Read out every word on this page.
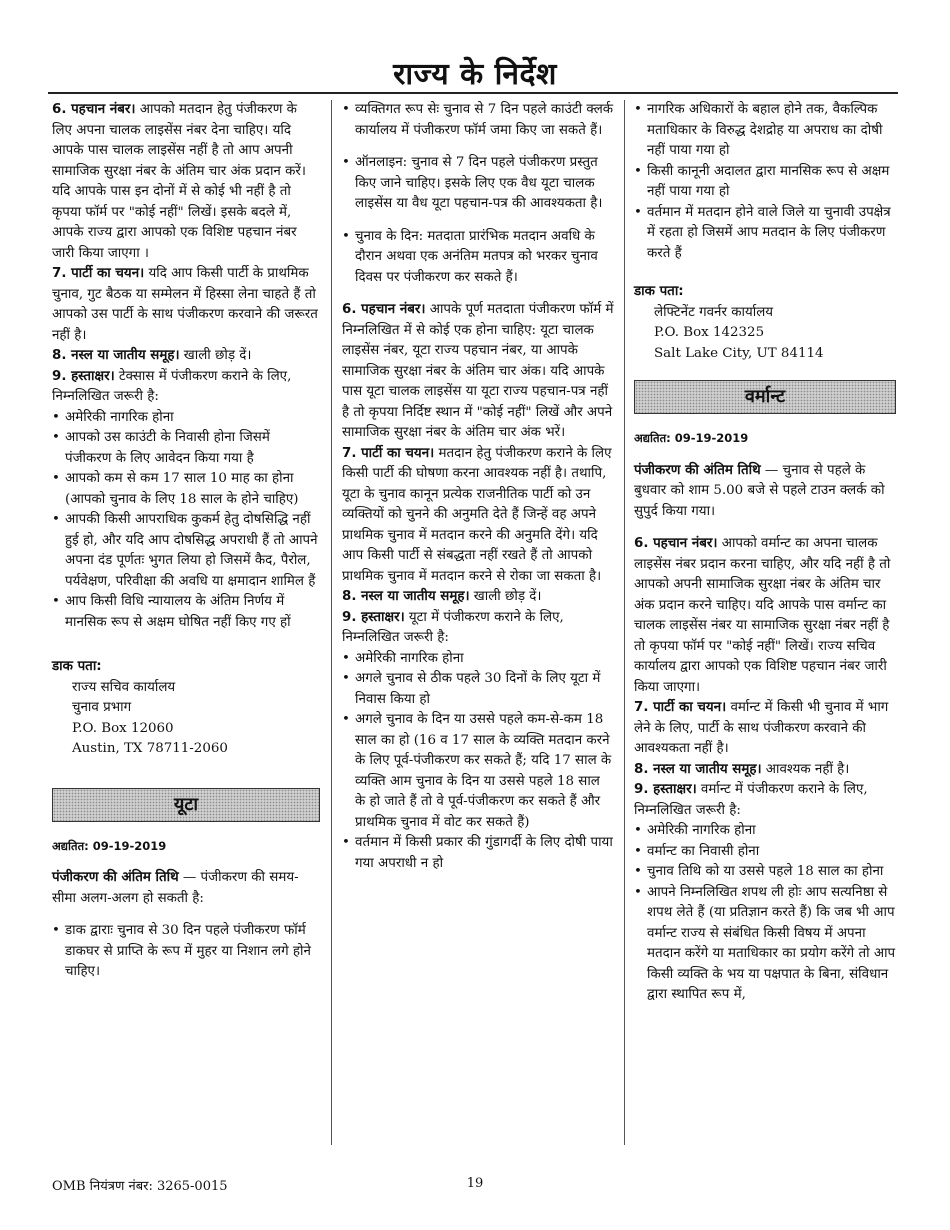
राज्य के निर्देश

6. पहचान नंबर। आपको मतदान हेतु पंजीकरण के लिए अपना चालक लाइसेंस नंबर देना चाहिए। यदि आपके पास चालक लाइसेंस नहीं है तो आप अपनी सामाजिक सुरक्षा नंबर के अंतिम चार अंक प्रदान करें। यदि आपके पास इन दोनों में से कोई भी नहीं है तो कृपया फॉर्म पर "कोई नहीं" लिखें। इसके बदले में, आपके राज्य द्वारा आपको एक विशिष्ट पहचान नंबर जारी किया जाएगा ।

7. पार्टी का चयन। यदि आप किसी पार्टी के प्राथमिक चुनाव, गुट बैठक या सम्मेलन में हिस्सा लेना चाहते हैं तो आपको उस पार्टी के साथ पंजीकरण करवाने की जरूरत नहीं है।

8. नस्ल या जातीय समूह। खाली छोड़ दें।

9. हस्ताक्षर। टेक्सास में पंजीकरण कराने के लिए, निम्नलिखित जरूरी है:

• अमेरिकी नागरिक होना
• आपको उस काउंटी के निवासी होना जिसमें पंजीकरण के लिए आवेदन किया गया है
• आपको कम से कम 17 साल 10 माह का होना (आपको चुनाव के लिए 18 साल के होने चाहिए)
• आपकी किसी आपराधिक कुकर्म हेतु दोषसिद्धि नहीं हुई हो, और यदि आप दोषसिद्ध अपराधी हैं तो आपने अपना दंड पूर्णतः भुगत लिया हो जिसमें कैद, पैरोल, पर्यवेक्षण, परिवीक्षा की अवधि या क्षमादान शामिल हैं
• आप किसी विधि न्यायालय के अंतिम निर्णय में मानसिक रूप से अक्षम घोषित नहीं किए गए हों
डाक पता:
राज्य सचिव कार्यालय
चुनाव प्रभाग
P.O. Box 12060
Austin, TX 78711-2060
यूटा
अद्यतित: 09-19-2019

पंजीकरण की अंतिम तिथि — पंजीकरण की समय-सीमा अलग-अलग हो सकती है:

• डाक द्वाराः चुनाव से 30 दिन पहले पंजीकरण फॉर्म डाकघर से प्राप्ति के रूप में मुहर या निशान लगे होने चाहिए।
• व्यक्तिगत रूप सेः चुनाव से 7 दिन पहले काउंटी क्लर्क कार्यालय में पंजीकरण फॉर्म जमा किए जा सकते हैं।
• ऑनलाइन: चुनाव से 7 दिन पहले पंजीकरण प्रस्तुत किए जाने चाहिए। इसके लिए एक वैध यूटा चालक लाइसेंस या वैध यूटा पहचान-पत्र की आवश्यकता है।
• चुनाव के दिन: मतदाता प्रारंभिक मतदान अवधि के दौरान अथवा एक अनंतिम मतपत्र को भरकर चुनाव दिवस पर पंजीकरण कर सकते हैं।

6. पहचान नंबर। आपके पूर्ण मतदाता पंजीकरण फॉर्म में निम्नलिखित में से कोई एक होना चाहिए: यूटा चालक लाइसेंस नंबर, यूटा राज्य पहचान नंबर, या आपके सामाजिक सुरक्षा नंबर के अंतिम चार अंक। यदि आपके पास यूटा चालक लाइसेंस या यूटा राज्य पहचान-पत्र नहीं है तो कृपया निर्दिष्ट स्थान में "कोई नहीं" लिखें और अपने सामाजिक सुरक्षा नंबर के अंतिम चार अंक भरें।

7. पार्टी का चयन। मतदान हेतु पंजीकरण कराने के लिए किसी पार्टी की घोषणा करना आवश्यक नहीं है। तथापि, यूटा के चुनाव कानून प्रत्येक राजनीतिक पार्टी को उन व्यक्तियों को चुनने की अनुमति देते हैं जिन्हें वह अपने प्राथमिक चुनाव में मतदान करने की अनुमति देंगे। यदि आप किसी पार्टी से संबद्धता नहीं रखते हैं तो आपको प्राथमिक चुनाव में मतदान करने से रोका जा सकता है।

8. नस्ल या जातीय समूह। खाली छोड़ दें।

9. हस्ताक्षर। यूटा में पंजीकरण कराने के लिए, निम्नलिखित जरूरी है:

• अमेरिकी नागरिक होना
• अगले चुनाव से ठीक पहले 30 दिनों के लिए यूटा में निवास किया हो
• अगले चुनाव के दिन या उससे पहले कम-से-कम 18 साल का हो (16 व 17 साल के व्यक्ति मतदान करने के लिए पूर्व-पंजीकरण कर सकते हैं; यदि 17 साल के व्यक्ति आम चुनाव के दिन या उससे पहले 18 साल के हो जाते हैं तो वे पूर्व-पंजीकरण कर सकते हैं और प्राथमिक चुनाव में वोट कर सकते हैं)
• वर्तमान में किसी प्रकार की गुंडागर्दी के लिए दोषी पाया गया अपराधी न हो
• नागरिक अधिकारों के बहाल होने तक, वैकल्पिक मताधिकार के विरुद्ध देशद्रोह या अपराध का दोषी नहीं पाया गया हो
• किसी कानूनी अदालत द्वारा मानसिक रूप से अक्षम नहीं पाया गया हो
• वर्तमान में मतदान होने वाले जिले या चुनावी उपक्षेत्र में रहता हो जिसमें आप मतदान के लिए पंजीकरण करते हैं
डाक पता:
लेफ्टिनेंट गवर्नर कार्यालय
P.O. Box 142325
Salt Lake City, UT 84114
वर्मान्ट
अद्यतित: 09-19-2019

पंजीकरण की अंतिम तिथि — चुनाव से पहले के बुधवार को शाम 5.00 बजे से पहले टाउन क्लर्क को सुपुर्द किया गया।

6. पहचान नंबर। आपको वर्मान्ट का अपना चालक लाइसेंस नंबर प्रदान करना चाहिए, और यदि नहीं है तो आपको अपनी सामाजिक सुरक्षा नंबर के अंतिम चार अंक प्रदान करने चाहिए। यदि आपके पास वर्मान्ट का चालक लाइसेंस नंबर या सामाजिक सुरक्षा नंबर नहीं है तो कृपया फॉर्म पर "कोई नहीं" लिखें। राज्य सचिव कार्यालय द्वारा आपको एक विशिष्ट पहचान नंबर जारी किया जाएगा।

7. पार्टी का चयन। वर्मान्ट में किसी भी चुनाव में भाग लेने के लिए, पार्टी के साथ पंजीकरण करवाने की आवश्यकता नहीं है।

8. नस्ल या जातीय समूह। आवश्यक नहीं है।

9. हस्ताक्षर। वर्मान्ट में पंजीकरण कराने के लिए, निम्नलिखित जरूरी है:

• अमेरिकी नागरिक होना
• वर्मान्ट का निवासी होना
• चुनाव तिथि को या उससे पहले 18 साल का होना
• आपने निम्नलिखित शपथ ली होः आप सत्यनिष्ठा से शपथ लेते हैं (या प्रतिज्ञान करते हैं) कि जब भी आप वर्मान्ट राज्य से संबंधित किसी विषय में अपना मतदान करेंगे या मताधिकार का प्रयोग करेंगे तो आप किसी व्यक्ति के भय या पक्षपात के बिना, संविधान द्वारा स्थापित रूप में,
OMB नियंत्रण नंबर: 3265-0015	19
